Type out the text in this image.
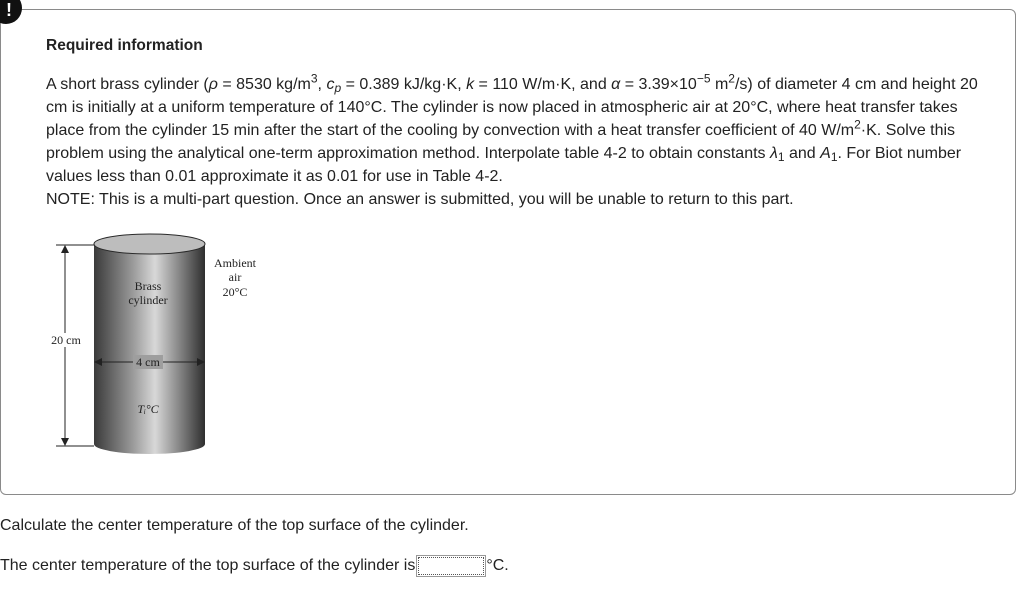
!
Required information

A short brass cylinder (ρ = 8530 $kg/m^3$, $c_p = 0.389$ kJ/kg·K, k = 110 W/m·K, and $\alpha = 3.39\times 10^{-5}$ $m^2/s$) of diameter 4 cm and height 20 cm is initially at a uniform temperature of 140°C. The cylinder is now placed in atmospheric air at 20°C, where heat transfer takes place from the cylinder 15 min after the start of the cooling by convection with a heat transfer coefficient of 40 $W/m^2\cdot K$. Solve this problem using the analytical one-term approximation method. Interpolate table 4-2 to obtain constants $\lambda_1$ and $A_1$. For Biot number values less than 0.01 approximate it as 0.01 for use in Table 4-2.

NOTE: This is a multi-part question. Once an answer is submitted, you will be unable to return to this part.

20 cm
4 cm
Brass
cylinder
Tᵢ°C
Ambient
air
20°C
Calculate the center temperature of the top surface of the cylinder.
The center temperature of the top surface of the cylinder is	°C.
